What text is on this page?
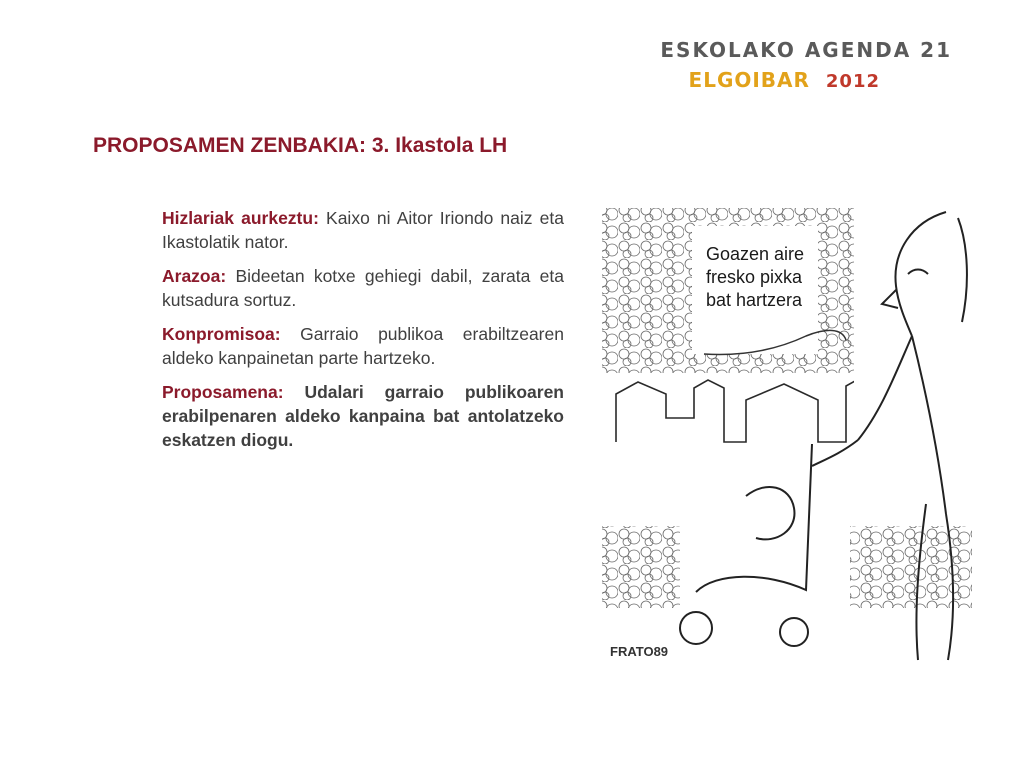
ESKOLAKO AGENDA 21
ELGOIBAR 2012
PROPOSAMEN ZENBAKIA: 3. Ikastola LH

Hizlariak aurkeztu: Kaixo ni Aitor Iriondo naiz eta Ikastolatik nator.

Arazoa: Bideetan kotxe gehiegi dabil, zarata eta kutsadura sortuz.

Konpromisoa: Garraio publikoa erabiltzearen aldeko kanpainetan parte hartzeko.

Proposamena: Udalari garraio publikoaren erabilpenaren aldeko kanpaina bat antolatzeko eskatzen diogu.

Goazen aire
fresko pixka
bat hartzera
FRATO89
